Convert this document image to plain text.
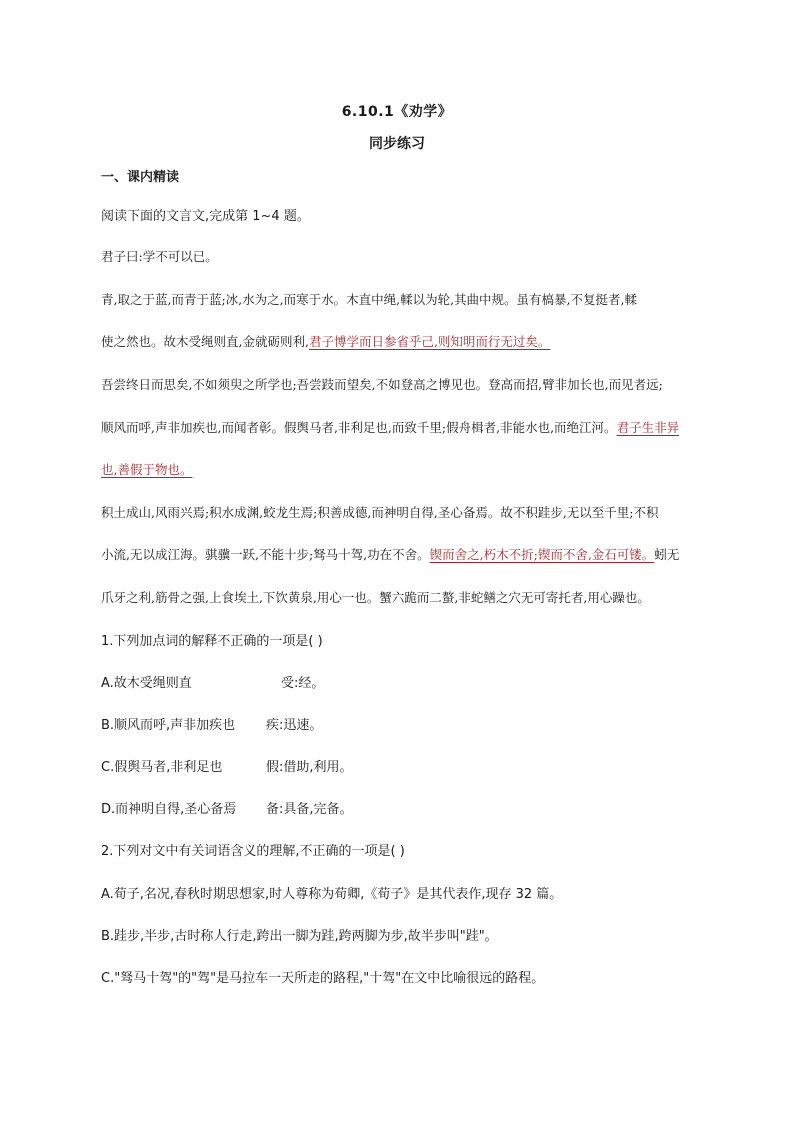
6.10.1《劝学》
同步练习
一、课内精读
阅读下面的文言文,完成第 1~4 题。
君子曰:学不可以已。
青,取之于蓝,而青于蓝;冰,水为之,而寒于水。木直中绳,輮以为轮,其曲中规。虽有槁暴,不复挺者,輮
使之然也。故木受绳则直,金就砺则利,君子博学而日参省乎己,则知明而行无过矣。
吾尝终日而思矣,不如须臾之所学也;吾尝跂而望矣,不如登高之博见也。登高而招,臂非加长也,而见者远;
顺风而呼,声非加疾也,而闻者彰。假舆马者,非利足也,而致千里;假舟楫者,非能水也,而绝江河。君子生非异
也,善假于物也。
积土成山,风雨兴焉;积水成渊,蛟龙生焉;积善成德,而神明自得,圣心备焉。故不积跬步,无以至千里;不积
小流,无以成江海。骐骥一跃,不能十步;驽马十驾,功在不舍。锲而舍之,朽木不折;锲而不舍,金石可镂。蚓无
爪牙之利,筋骨之强,上食埃土,下饮黄泉,用心一也。蟹六跪而二螯,非蛇鳝之穴无可寄托者,用心躁也。
1.下列加点词的解释不正确的一项是( )
A.故木受绳则直	受:经。
B.顺风而呼,声非加疾也 疾:迅速。
C.假舆马者,非利足也	假:借助,利用。
D.而神明自得,圣心备焉 备:具备,完备。
2.下列对文中有关词语含义的理解,不正确的一项是( )
A.荀子,名况,春秋时期思想家,时人尊称为荀卿,《荀子》是其代表作,现存 32 篇。
B.跬步,半步,古时称人行走,跨出一脚为跬,跨两脚为步,故半步叫"跬"。
C."驽马十驾"的"驾"是马拉车一天所走的路程,"十驾"在文中比喻很远的路程。
